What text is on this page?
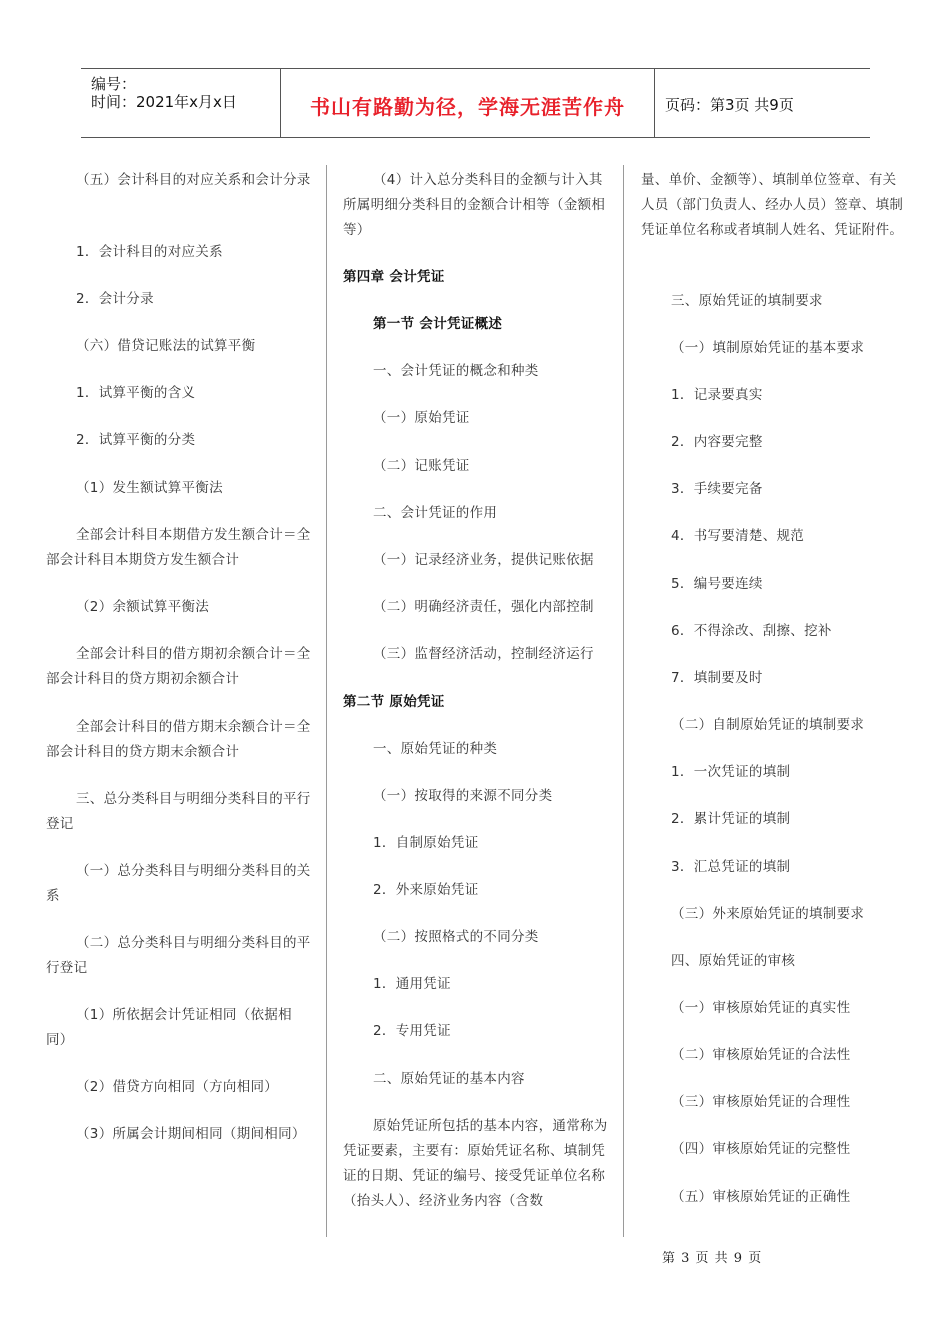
编号：
时间：2021年x月x日	书山有路勤为径，学海无涯苦作舟	页码：第3页 共9页
（五）会计科目的对应关系和会计分录
1．会计科目的对应关系
2．会计分录
（六）借贷记账法的试算平衡
1．试算平衡的含义
2．试算平衡的分类
（1）发生额试算平衡法
全部会计科目本期借方发生额合计＝全部会计科目本期贷方发生额合计
（2）余额试算平衡法
全部会计科目的借方期初余额合计＝全部会计科目的贷方期初余额合计
全部会计科目的借方期末余额合计＝全部会计科目的贷方期末余额合计
三、总分类科目与明细分类科目的平行登记
（一）总分类科目与明细分类科目的关系
（二）总分类科目与明细分类科目的平行登记
（1）所依据会计凭证相同（依据相同）
（2）借贷方向相同（方向相同）
（3）所属会计期间相同（期间相同）
（4）计入总分类科目的金额与计入其所属明细分类科目的金额合计相等（金额相等）
第四章 会计凭证
第一节 会计凭证概述
一、会计凭证的概念和种类
（一）原始凭证
（二）记账凭证
二、会计凭证的作用
（一）记录经济业务，提供记账依据
（二）明确经济责任，强化内部控制
（三）监督经济活动，控制经济运行
第二节 原始凭证
一、原始凭证的种类
（一）按取得的来源不同分类
1．自制原始凭证
2．外来原始凭证
（二）按照格式的不同分类
1．通用凭证
2．专用凭证
二、原始凭证的基本内容
原始凭证所包括的基本内容，通常称为凭证要素，主要有：原始凭证名称、填制凭证的日期、凭证的编号、接受凭证单位名称（抬头人）、经济业务内容（含数
量、单价、金额等）、填制单位签章、有关人员（部门负责人、经办人员）签章、填制凭证单位名称或者填制人姓名、凭证附件。
三、原始凭证的填制要求
（一）填制原始凭证的基本要求
1．记录要真实
2．内容要完整
3．手续要完备
4．书写要清楚、规范
5．编号要连续
6．不得涂改、刮擦、挖补
7．填制要及时
（二）自制原始凭证的填制要求
1．一次凭证的填制
2．累计凭证的填制
3．汇总凭证的填制
（三）外来原始凭证的填制要求
四、原始凭证的审核
（一）审核原始凭证的真实性
（二）审核原始凭证的合法性
（三）审核原始凭证的合理性
（四）审核原始凭证的完整性
（五）审核原始凭证的正确性
第 3 页 共 9 页
